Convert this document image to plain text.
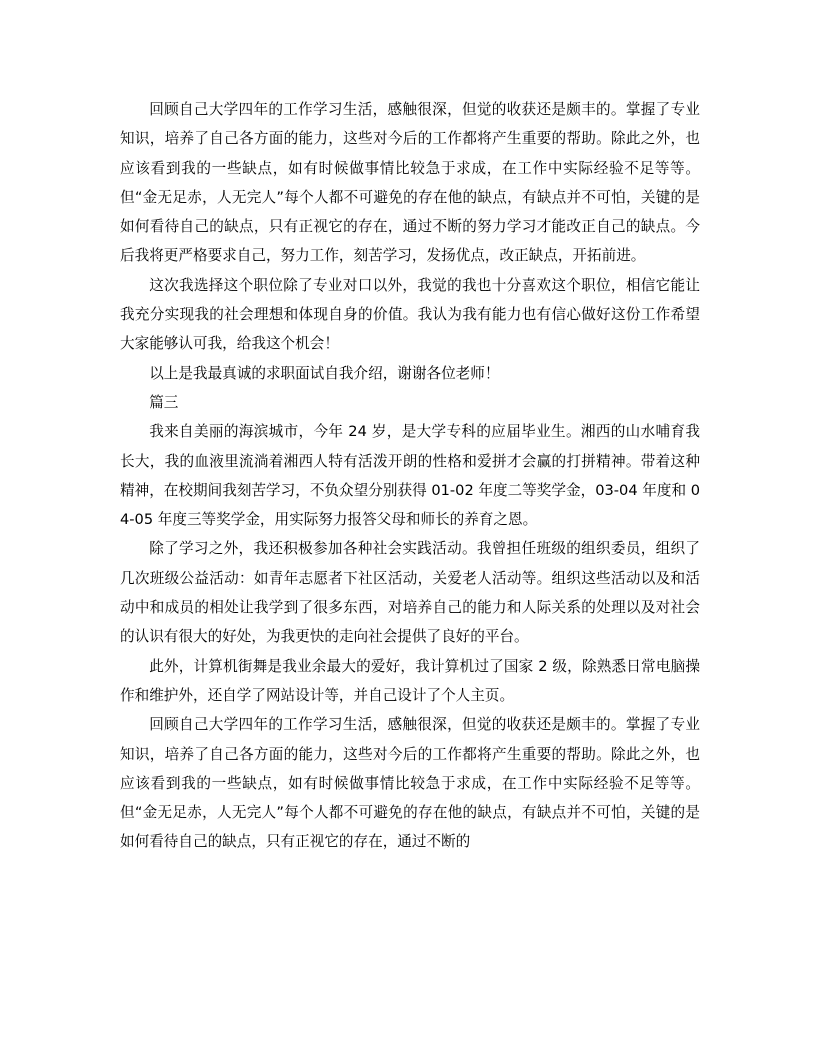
回顾自己大学四年的工作学习生活，感触很深，但觉的收获还是颇丰的。掌握了专业知识，培养了自己各方面的能力，这些对今后的工作都将产生重要的帮助。除此之外，也应该看到我的一些缺点，如有时候做事情比较急于求成，在工作中实际经验不足等等。但“金无足赤，人无完人”每个人都不可避免的存在他的缺点，有缺点并不可怕，关键的是如何看待自己的缺点，只有正视它的存在，通过不断的努力学习才能改正自己的缺点。今后我将更严格要求自己，努力工作，刻苦学习，发扬优点，改正缺点，开拓前进。

这次我选择这个职位除了专业对口以外，我觉的我也十分喜欢这个职位，相信它能让我充分实现我的社会理想和体现自身的价值。我认为我有能力也有信心做好这份工作希望大家能够认可我，给我这个机会！

以上是我最真诚的求职面试自我介绍，谢谢各位老师！

篇三

我来自美丽的海滨城市，今年 24 岁，是大学专科的应届毕业生。湘西的山水哺育我长大，我的血液里流淌着湘西人特有活泼开朗的性格和爱拼才会赢的打拼精神。带着这种精神，在校期间我刻苦学习，不负众望分别获得 01-02 年度二等奖学金，03-04 年度和 04-05 年度三等奖学金，用实际努力报答父母和师长的养育之恩。

除了学习之外，我还积极参加各种社会实践活动。我曾担任班级的组织委员，组织了几次班级公益活动：如青年志愿者下社区活动，关爱老人活动等。组织这些活动以及和活动中和成员的相处让我学到了很多东西，对培养自己的能力和人际关系的处理以及对社会的认识有很大的好处，为我更快的走向社会提供了良好的平台。

此外，计算机街舞是我业余最大的爱好，我计算机过了国家 2 级，除熟悉日常电脑操作和维护外，还自学了网站设计等，并自己设计了个人主页。

回顾自己大学四年的工作学习生活，感触很深，但觉的收获还是颇丰的。掌握了专业知识，培养了自己各方面的能力，这些对今后的工作都将产生重要的帮助。除此之外，也应该看到我的一些缺点，如有时候做事情比较急于求成，在工作中实际经验不足等等。但“金无足赤，人无完人”每个人都不可避免的存在他的缺点，有缺点并不可怕，关键的是如何看待自己的缺点，只有正视它的存在，通过不断的
